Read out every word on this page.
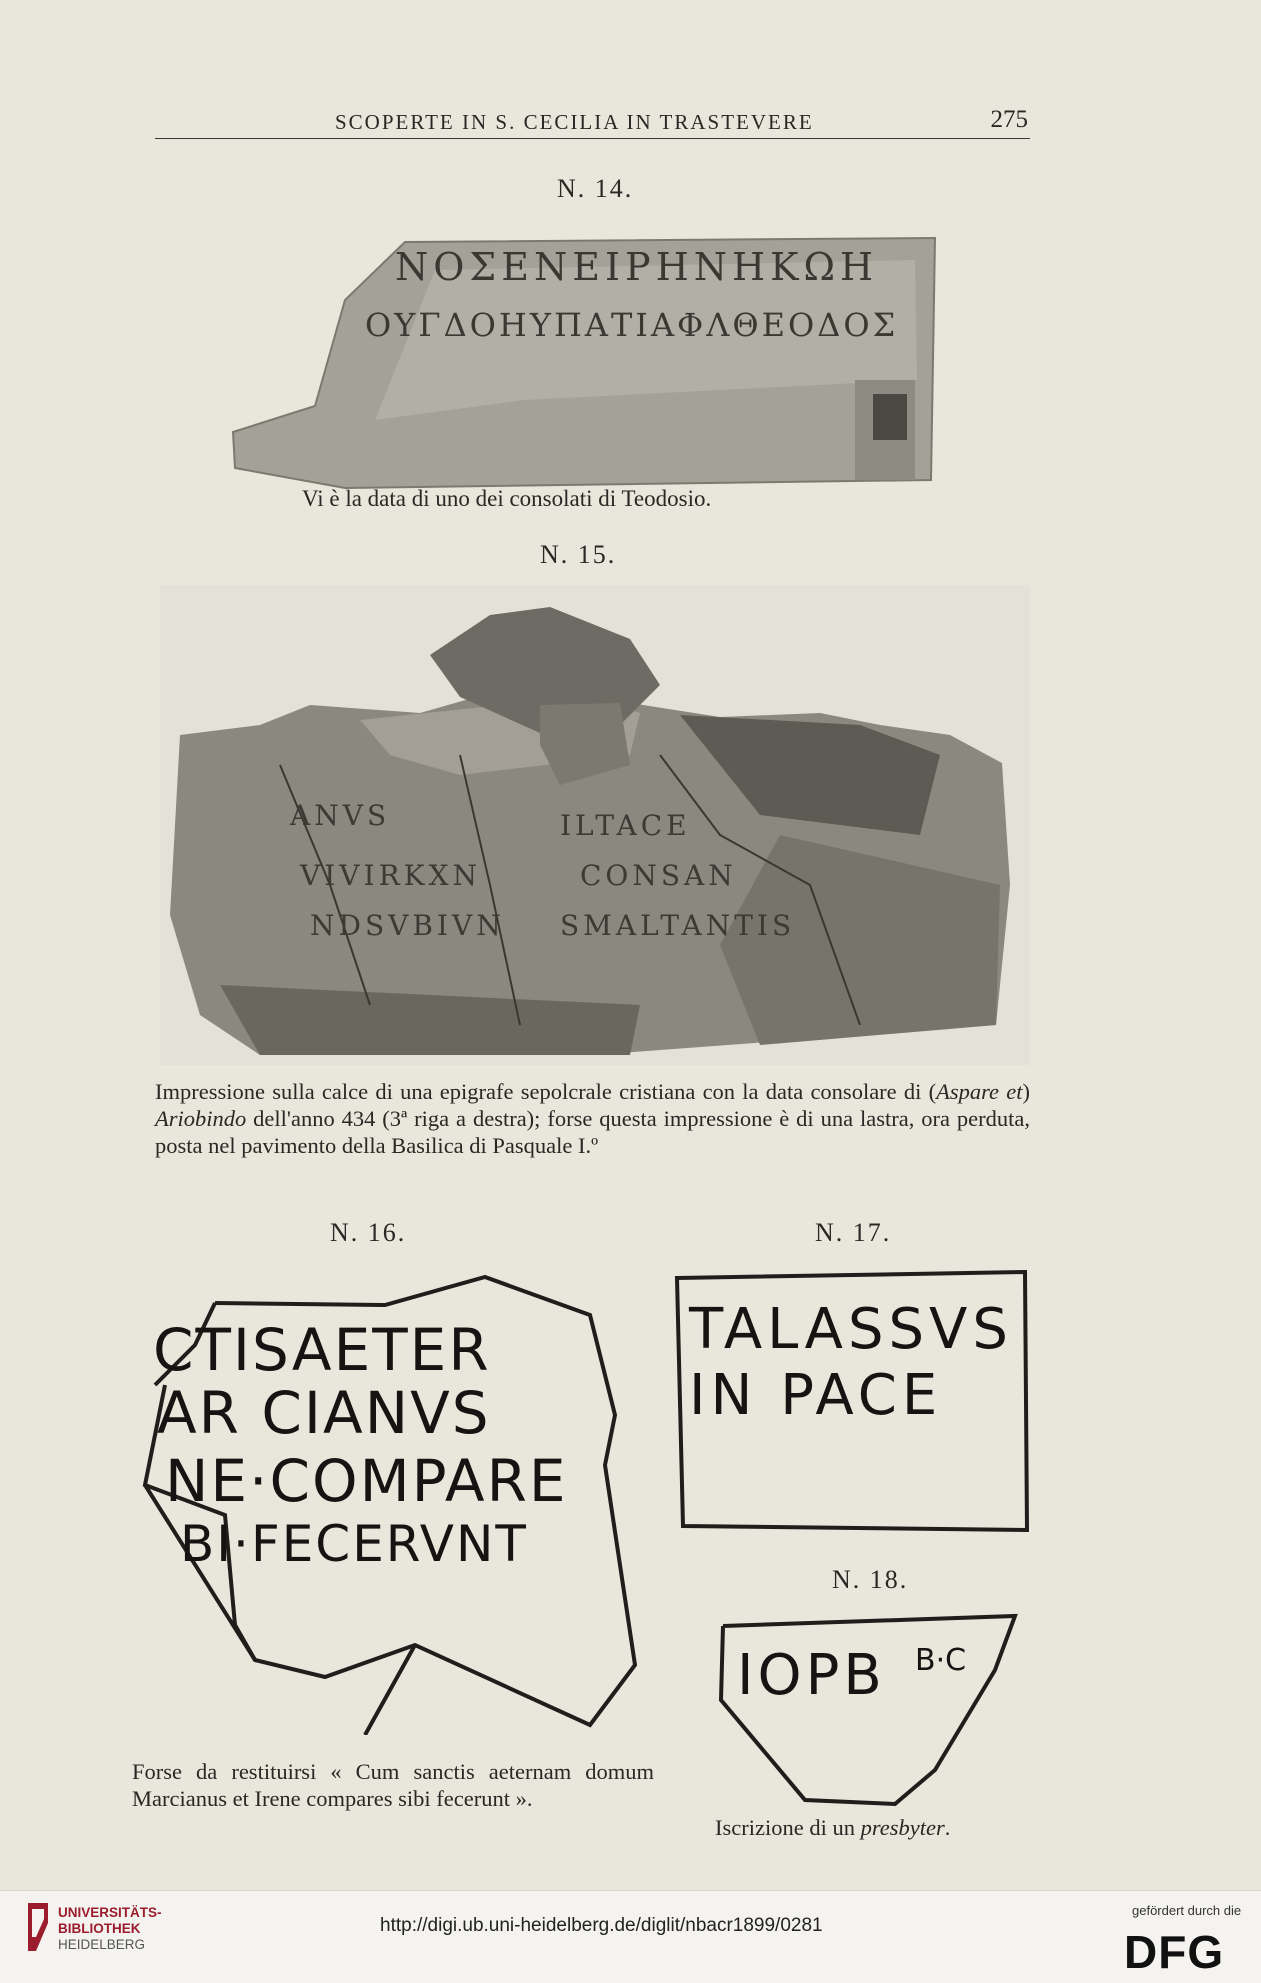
SCOPERTE IN S. CECILIA IN TRASTEVERE	275
N. 14.
ΝΟΣΕΝΕΙΡΗΝΗΚΩΗ
ΟΥΓΔΟΗΥΠΑΤΙΑΦΛΘΕΟΔΟΣ
Vi è la data di uno dei consolati di Teodosio.
N. 15.
ANVS	ILTACE
VIVIRKXN	CONSAN
NDSVBIVN SMALTANTIS
Impressione sulla calce di una epigrafe sepolcrale cristiana con la data consolare di (Aspare et) Ariobindo dell'anno 434 (3ª riga a destra); forse questa impressione è di una lastra, ora perduta, posta nel pavimento della Basilica di Pasquale I.º
N. 16.	N. 17.
CTISAETER
AR CIANVS
NE·COMPARE
BI·FECERVNT
TALASSVS
IN PACE
N. 18.
IOPB B·C
Forse da restituirsi « Cum sanctis aeternam domum Marcianus et Irene compares sibi fecerunt ».
Iscrizione di un presbyter.
UNIVERSITÄTS-
BIBLIOTHEK
HEIDELBERG
http://digi.ub.uni-heidelberg.de/diglit/nbacr1899/0281
gefördert durch die
DFG
